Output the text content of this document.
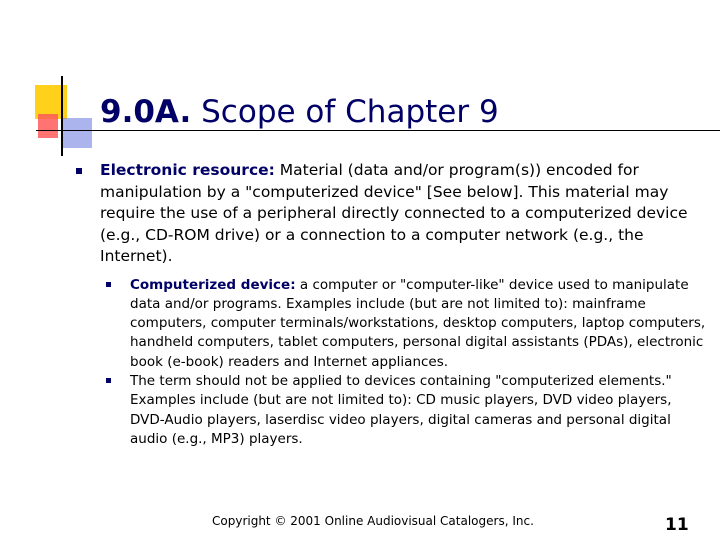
9.0A. Scope of Chapter 9
Electronic resource: Material (data and/or program(s)) encoded for manipulation by a "computerized device" [See below]. This material may require the use of a peripheral directly connected to a computerized device (e.g., CD-ROM drive) or a connection to a computer network (e.g., the Internet).
Computerized device: a computer or "computer-like" device used to manipulate data and/or programs. Examples include (but are not limited to): mainframe computers, computer terminals/workstations, desktop computers, laptop computers, handheld computers, tablet computers, personal digital assistants (PDAs), electronic book (e-book) readers and Internet appliances.
The term should not be applied to devices containing "computerized elements." Examples include (but are not limited to): CD music players, DVD video players, DVD-Audio players, laserdisc video players, digital cameras and personal digital audio (e.g., MP3) players.
Copyright © 2001 Online Audiovisual Catalogers, Inc.	11
